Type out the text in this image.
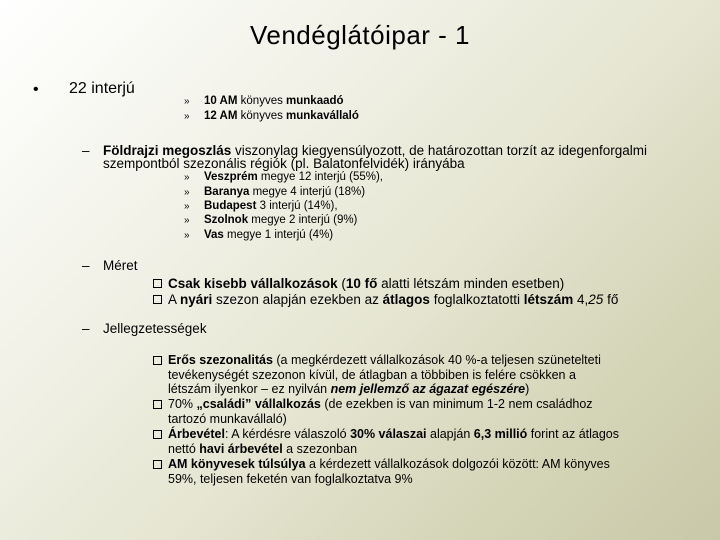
Vendéglátóipar - 1
• 22 interjú
» 10 AM könyves munkaadó
» 12 AM könyves munkavállaló
– Földrajzi megoszlás viszonylag kiegyensúlyozott, de határozottan torzít az idegenforgalmi
szempontból szezonális régiók (pl. Balatonfelvidék) irányába
» Veszprém megye 12 interjú (55%),
» Baranya megye 4 interjú (18%)
» Budapest 3 interjú (14%),
» Szolnok megye 2 interjú (9%)
» Vas megye 1 interjú (4%)
– Méret
Csak kisebb vállalkozások (10 fő alatti létszám minden esetben)
A nyári szezon alapján ezekben az átlagos foglalkoztatotti létszám 4,25 fő
– Jellegzetességek
Erős szezonalitás (a megkérdezett vállalkozások 40 %-a teljesen szünetelteti
tevékenységét szezonon kívül, de átlagban a többiben is felére csökken a
létszám ilyenkor – ez nyilván nem jellemző az ágazat egészére)
70% „családi” vállalkozás (de ezekben is van minimum 1-2 nem családhoz
tartozó munkavállaló)
Árbevétel: A kérdésre válaszoló 30% válaszai alapján 6,3 millió forint az átlagos
nettó havi árbevétel a szezonban
AM könyvesek túlsúlya a kérdezett vállalkozások dolgozói között: AM könyves
59%, teljesen feketén van foglalkoztatva 9%
